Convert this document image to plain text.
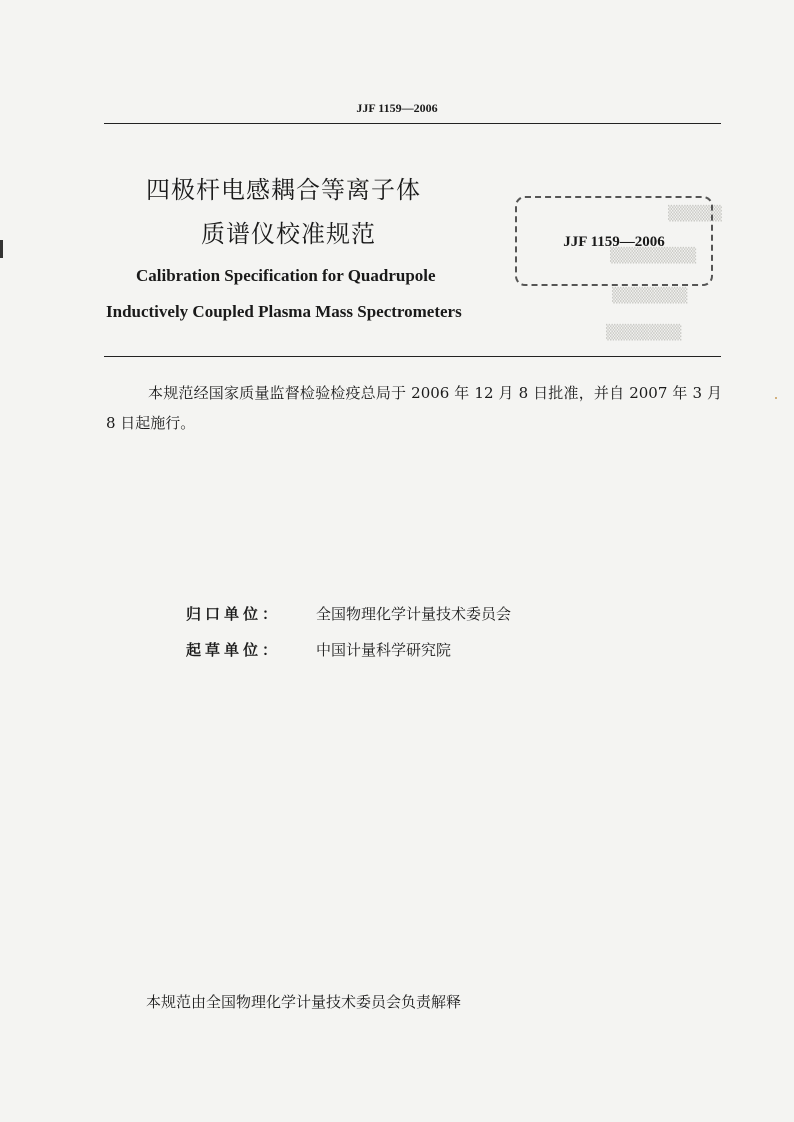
JJF 1159—2006
四极杆电感耦合等离子体
质谱仪校准规范
Calibration Specification for Quadrupole
Inductively Coupled Plasma Mass Spectrometers
▒▒▒▒▒
▒▒▒▒▒▒▒▒
▒▒▒▒▒▒▒
▒▒▒▒▒▒▒
JJF 1159—2006
本规范经国家质量监督检验检疫总局于 2006 年 12 月 8 日批准，并自 2007 年 3 月 8 日起施行。
归口单位： 全国物理化学计量技术委员会
起草单位： 中国计量科学研究院
本规范由全国物理化学计量技术委员会负责解释
